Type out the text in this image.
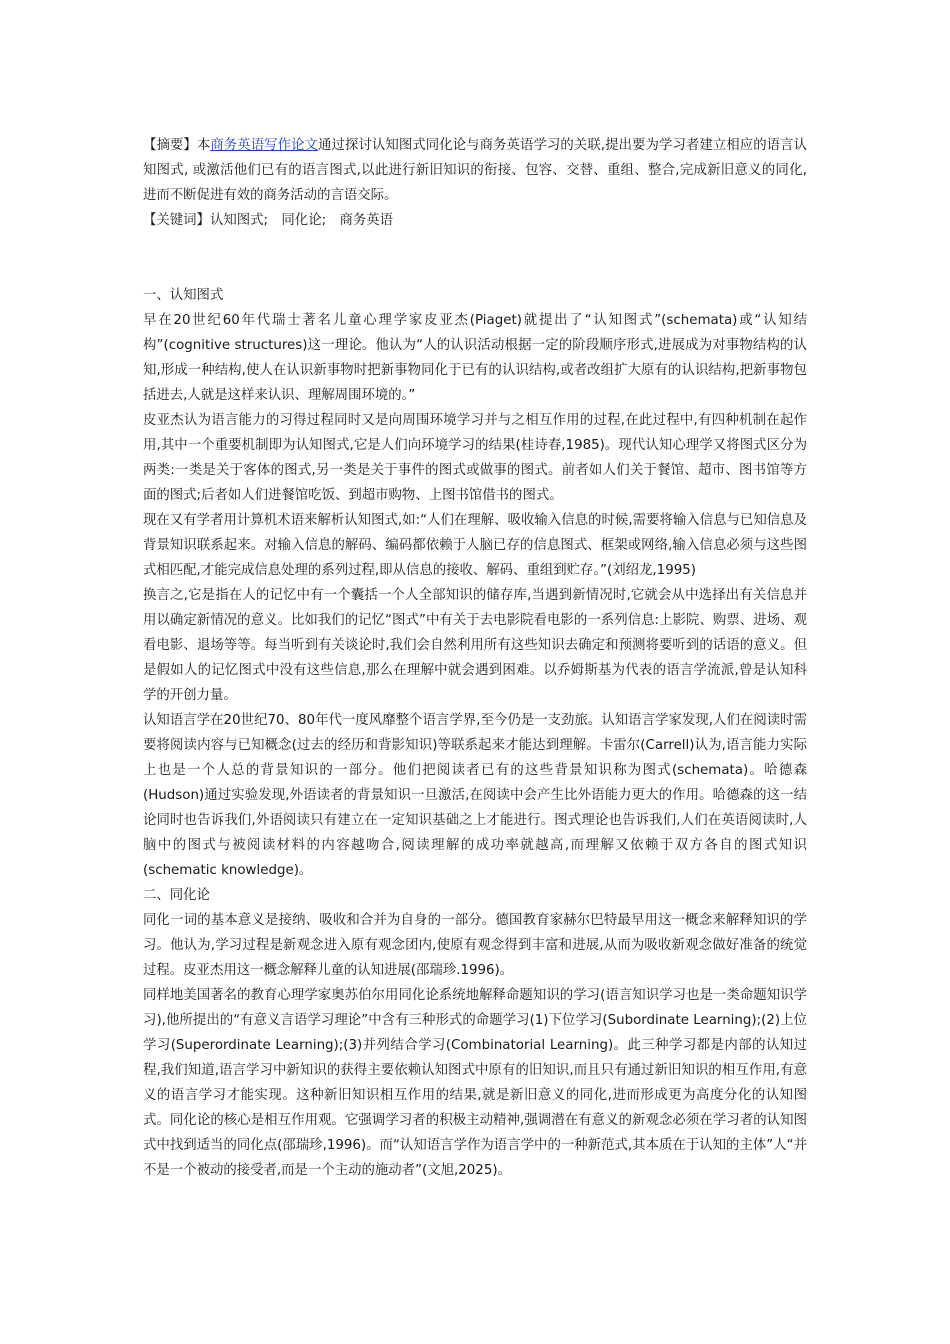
【摘要】本商务英语写作论文通过探讨认知图式同化论与商务英语学习的关联,提出要为学习者建立相应的语言认知图式, 或激活他们已有的语言图式,以此进行新旧知识的衔接、包容、交替、重组、整合,完成新旧意义的同化,进而不断促进有效的商务活动的言语交际。

【关键词】认知图式;　同化论;　商务英语

一、认知图式

早在20世纪60年代瑞士著名儿童心理学家皮亚杰(Piaget)就提出了“认知图式”(schemata)或“认知结构”(cognitive structures)这一理论。他认为“人的认识活动根据一定的阶段顺序形式,进展成为对事物结构的认知,形成一种结构,使人在认识新事物时把新事物同化于已有的认识结构,或者改组扩大原有的认识结构,把新事物包括进去,人就是这样来认识、理解周围环境的。”

皮亚杰认为语言能力的习得过程同时又是向周围环境学习并与之相互作用的过程,在此过程中,有四种机制在起作用,其中一个重要机制即为认知图式,它是人们向环境学习的结果(桂诗春,1985)。现代认知心理学又将图式区分为两类:一类是关于客体的图式,另一类是关于事件的图式或做事的图式。前者如人们关于餐馆、超市、图书馆等方面的图式;后者如人们进餐馆吃饭、到超市购物、上图书馆借书的图式。

现在又有学者用计算机术语来解析认知图式,如:“人们在理解、吸收输入信息的时候,需要将输入信息与已知信息及背景知识联系起来。对输入信息的解码、编码都依赖于人脑已存的信息图式、框架或网络,输入信息必须与这些图式相匹配,才能完成信息处理的系列过程,即从信息的接收、解码、重组到贮存。”(刘绍龙,1995)

换言之,它是指在人的记忆中有一个囊括一个人全部知识的储存库,当遇到新情况时,它就会从中选择出有关信息并用以确定新情况的意义。比如我们的记忆“图式”中有关于去电影院看电影的一系列信息:上影院、购票、进场、观看电影、退场等等。每当听到有关谈论时,我们会自然利用所有这些知识去确定和预测将要听到的话语的意义。但是假如人的记忆图式中没有这些信息,那么在理解中就会遇到困难。以乔姆斯基为代表的语言学流派,曾是认知科学的开创力量。

认知语言学在20世纪70、80年代一度风靡整个语言学界,至今仍是一支劲旅。认知语言学家发现,人们在阅读时需要将阅读内容与已知概念(过去的经历和背影知识)等联系起来才能达到理解。卡雷尔(Carrell)认为,语言能力实际上也是一个人总的背景知识的一部分。他们把阅读者已有的这些背景知识称为图式(schemata)。哈德森(Hudson)通过实验发现,外语读者的背景知识一旦激活,在阅读中会产生比外语能力更大的作用。哈德森的这一结论同时也告诉我们,外语阅读只有建立在一定知识基础之上才能进行。图式理论也告诉我们,人们在英语阅读时,人脑中的图式与被阅读材料的内容越吻合,阅读理解的成功率就越高,而理解又依赖于双方各自的图式知识(schematic knowledge)。

二、同化论

同化一词的基本意义是接纳、吸收和合并为自身的一部分。德国教育家赫尔巴特最早用这一概念来解释知识的学习。他认为,学习过程是新观念进入原有观念团内,使原有观念得到丰富和进展,从而为吸收新观念做好准备的统觉过程。皮亚杰用这一概念解释儿童的认知进展(邵瑞珍.1996)。

同样地美国著名的教育心理学家奥苏伯尔用同化论系统地解释命题知识的学习(语言知识学习也是一类命题知识学习),他所提出的“有意义言语学习理论”中含有三种形式的命题学习(1)下位学习(Subordinate Learning);(2)上位学习(Superordinate Learning);(3)并列结合学习(Combinatorial Learning)。此三种学习都是内部的认知过程,我们知道,语言学习中新知识的获得主要依赖认知图式中原有的旧知识,而且只有通过新旧知识的相互作用,有意义的语言学习才能实现。这种新旧知识相互作用的结果,就是新旧意义的同化,进而形成更为高度分化的认知图式。同化论的核心是相互作用观。它强调学习者的积极主动精神,强调潜在有意义的新观念必须在学习者的认知图式中找到适当的同化点(邵瑞珍,1996)。而“认知语言学作为语言学中的一种新范式,其本质在于认知的主体”人“并不是一个被动的接受者,而是一个主动的施动者”(文旭,2025)。
